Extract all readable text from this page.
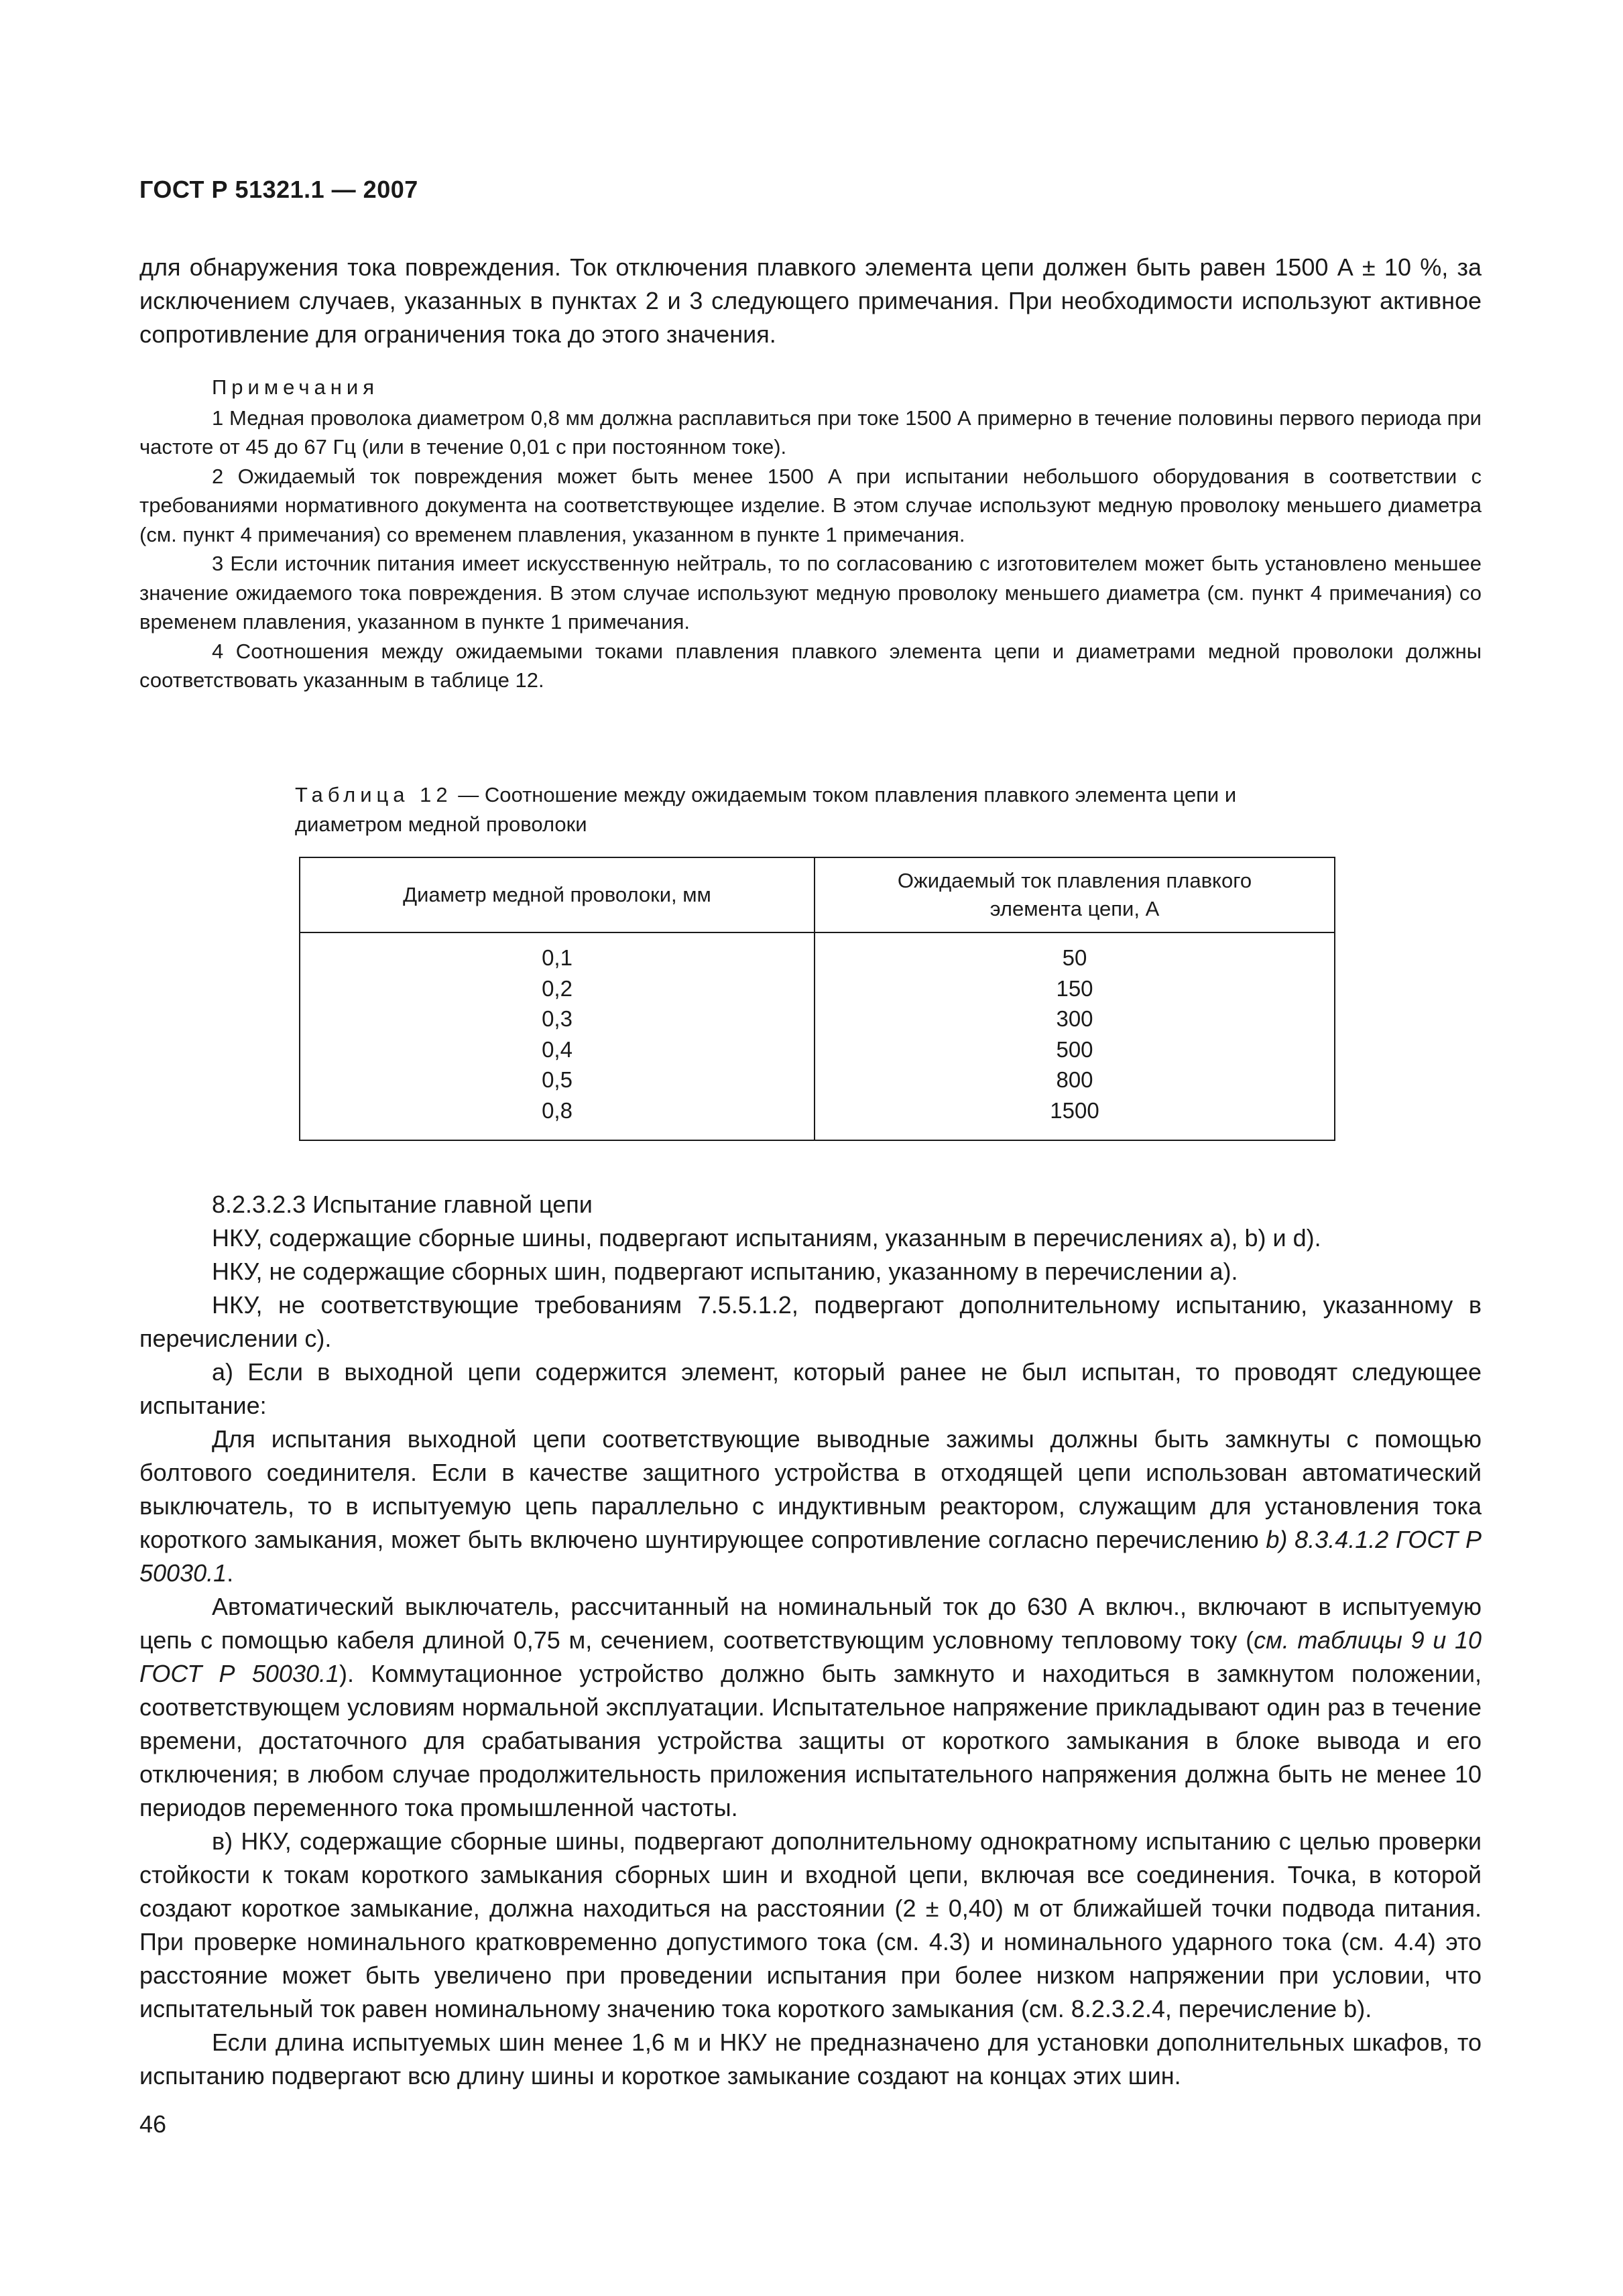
ГОСТ Р 51321.1 — 2007

для обнаружения тока повреждения. Ток отключения плавкого элемента цепи должен быть равен 1500 А ± 10 %, за исключением случаев, указанных в пунктах 2 и 3 следующего примечания. При необходимости используют активное сопротивление для ограничения тока до этого значения.

Примечания

1 Медная проволока диаметром 0,8 мм должна расплавиться при токе 1500 А примерно в течение половины первого периода при частоте от 45 до 67 Гц (или в течение 0,01 с при постоянном токе).

2 Ожидаемый ток повреждения может быть менее 1500 А при испытании небольшого оборудования в соответствии с требованиями нормативного документа на соответствующее изделие. В этом случае используют медную проволоку меньшего диаметра (см. пункт 4 примечания) со временем плавления, указанном в пункте 1 примечания.

3 Если источник питания имеет искусственную нейтраль, то по согласованию с изготовителем может быть установлено меньшее значение ожидаемого тока повреждения. В этом случае используют медную проволоку меньшего диаметра (см. пункт 4 примечания) со временем плавления, указанном в пункте 1 примечания.

4 Соотношения между ожидаемыми токами плавления плавкого элемента цепи и диаметрами медной проволоки должны соответствовать указанным в таблице 12.

Таблица 12 — Соотношение между ожидаемым током плавления плавкого элемента цепи и диаметром медной проволоки
Диаметр медной проволоки, мм
Ожидаемый ток плавления плавкого элемента цепи, А
0,1
0,2
0,3
0,4
0,5
0,8
50
150
300
500
800
1500

8.2.3.2.3 Испытание главной цепи

НКУ, содержащие сборные шины, подвергают испытаниям, указанным в перечислениях а), b) и d).

НКУ, не содержащие сборных шин, подвергают испытанию, указанному в перечислении а).

НКУ, не соответствующие требованиям 7.5.5.1.2, подвергают дополнительному испытанию, указанному в перечислении с).

а) Если в выходной цепи содержится элемент, который ранее не был испытан, то проводят следующее испытание:

Для испытания выходной цепи соответствующие выводные зажимы должны быть замкнуты с помощью болтового соединителя. Если в качестве защитного устройства в отходящей цепи использован автоматический выключатель, то в испытуемую цепь параллельно с индуктивным реактором, служащим для установления тока короткого замыкания, может быть включено шунтирующее сопротивление согласно перечислению b) 8.3.4.1.2 ГОСТ Р 50030.1.

Автоматический выключатель, рассчитанный на номинальный ток до 630 А включ., включают в испытуемую цепь с помощью кабеля длиной 0,75 м, сечением, соответствующим условному тепловому току (см. таблицы 9 и 10 ГОСТ Р 50030.1). Коммутационное устройство должно быть замкнуто и находиться в замкнутом положении, соответствующем условиям нормальной эксплуатации. Испытательное напряжение прикладывают один раз в течение времени, достаточного для срабатывания устройства защиты от короткого замыкания в блоке вывода и его отключения; в любом случае продолжительность приложения испытательного напряжения должна быть не менее 10 периодов переменного тока промышленной частоты.

в) НКУ, содержащие сборные шины, подвергают дополнительному однократному испытанию с целью проверки стойкости к токам короткого замыкания сборных шин и входной цепи, включая все соединения. Точка, в которой создают короткое замыкание, должна находиться на расстоянии (2 ± 0,40) м от ближайшей точки подвода питания. При проверке номинального кратковременно допустимого тока (см. 4.3) и номинального ударного тока (см. 4.4) это расстояние может быть увеличено при проведении испытания при более низком напряжении при условии, что испытательный ток равен номинальному значению тока короткого замыкания (см. 8.2.3.2.4, перечисление b).

Если длина испытуемых шин менее 1,6 м и НКУ не предназначено для установки дополнительных шкафов, то испытанию подвергают всю длину шины и короткое замыкание создают на концах этих шин.

46
